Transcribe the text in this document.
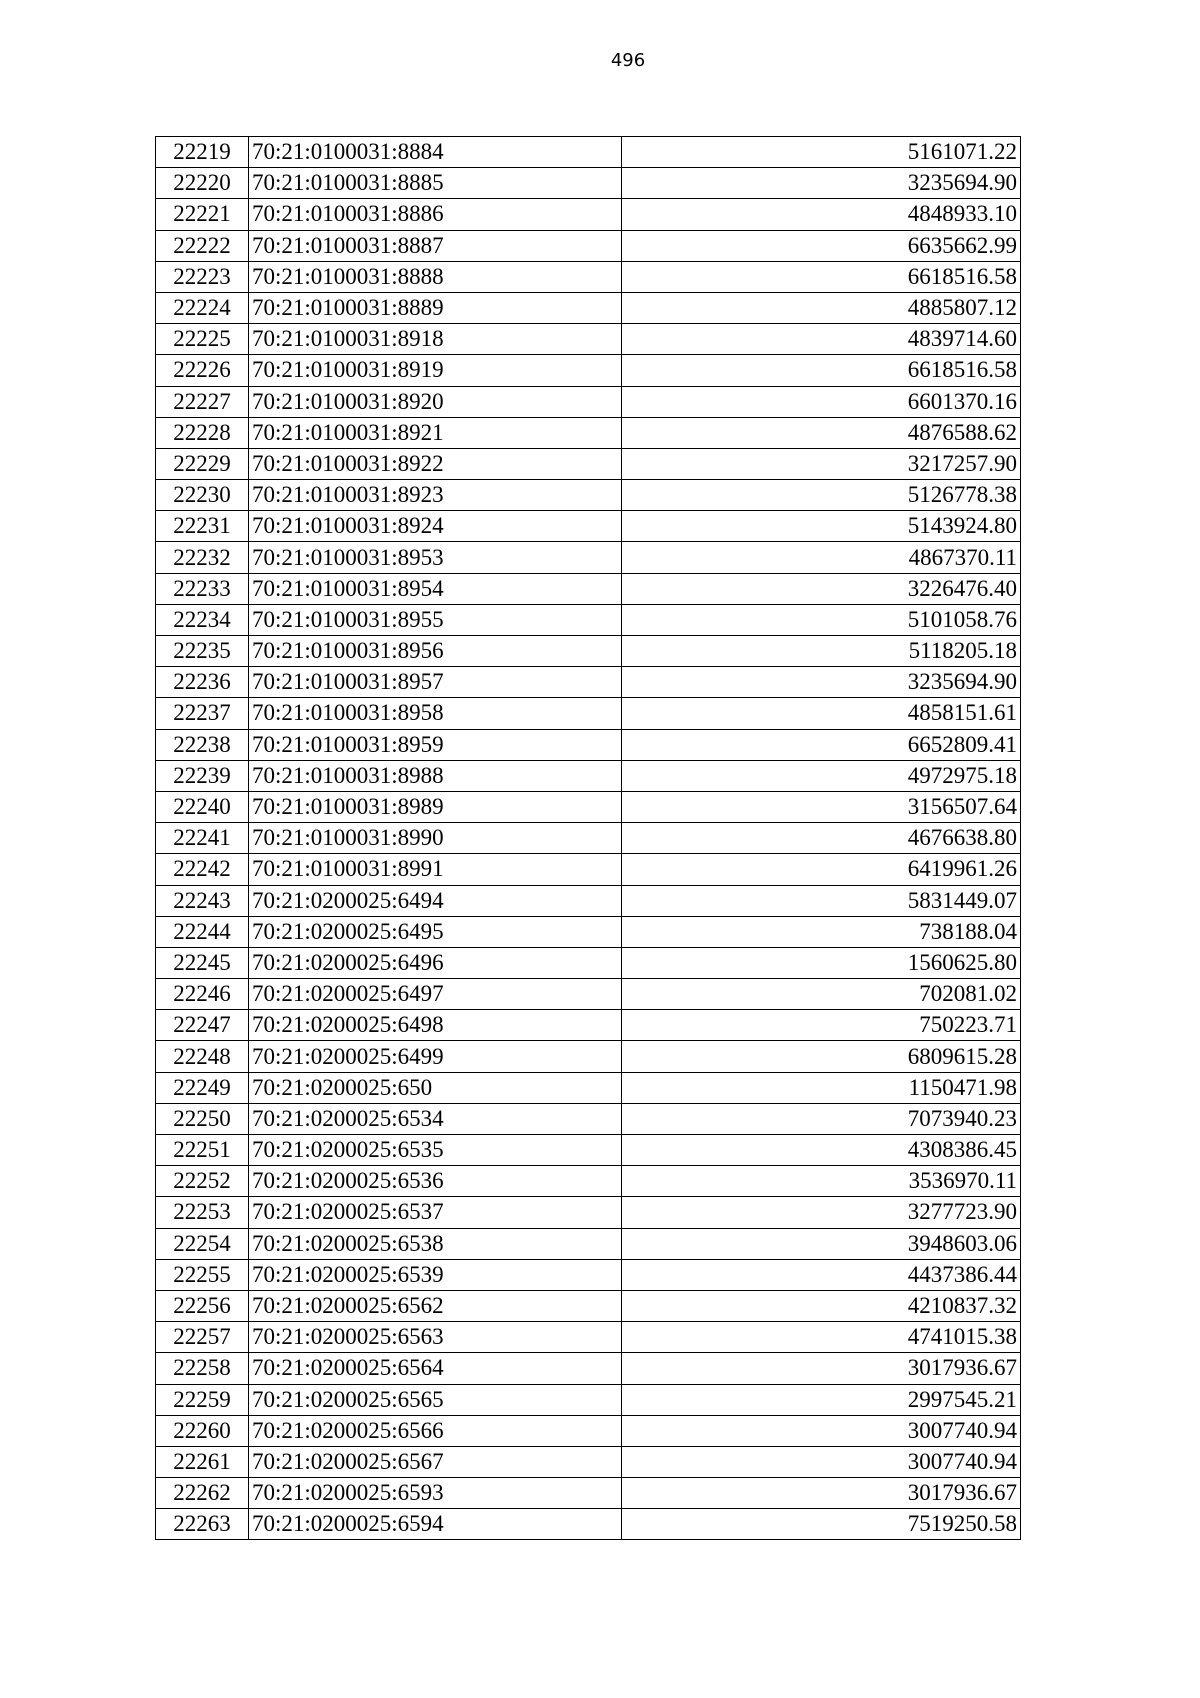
496
22219	70:21:0100031:8884	5161071.22
22220	70:21:0100031:8885	3235694.90
22221	70:21:0100031:8886	4848933.10
22222	70:21:0100031:8887	6635662.99
22223	70:21:0100031:8888	6618516.58
22224	70:21:0100031:8889	4885807.12
22225	70:21:0100031:8918	4839714.60
22226	70:21:0100031:8919	6618516.58
22227	70:21:0100031:8920	6601370.16
22228	70:21:0100031:8921	4876588.62
22229	70:21:0100031:8922	3217257.90
22230	70:21:0100031:8923	5126778.38
22231	70:21:0100031:8924	5143924.80
22232	70:21:0100031:8953	4867370.11
22233	70:21:0100031:8954	3226476.40
22234	70:21:0100031:8955	5101058.76
22235	70:21:0100031:8956	5118205.18
22236	70:21:0100031:8957	3235694.90
22237	70:21:0100031:8958	4858151.61
22238	70:21:0100031:8959	6652809.41
22239	70:21:0100031:8988	4972975.18
22240	70:21:0100031:8989	3156507.64
22241	70:21:0100031:8990	4676638.80
22242	70:21:0100031:8991	6419961.26
22243	70:21:0200025:6494	5831449.07
22244	70:21:0200025:6495	738188.04
22245	70:21:0200025:6496	1560625.80
22246	70:21:0200025:6497	702081.02
22247	70:21:0200025:6498	750223.71
22248	70:21:0200025:6499	6809615.28
22249	70:21:0200025:650	1150471.98
22250	70:21:0200025:6534	7073940.23
22251	70:21:0200025:6535	4308386.45
22252	70:21:0200025:6536	3536970.11
22253	70:21:0200025:6537	3277723.90
22254	70:21:0200025:6538	3948603.06
22255	70:21:0200025:6539	4437386.44
22256	70:21:0200025:6562	4210837.32
22257	70:21:0200025:6563	4741015.38
22258	70:21:0200025:6564	3017936.67
22259	70:21:0200025:6565	2997545.21
22260	70:21:0200025:6566	3007740.94
22261	70:21:0200025:6567	3007740.94
22262	70:21:0200025:6593	3017936.67
22263	70:21:0200025:6594	7519250.58
